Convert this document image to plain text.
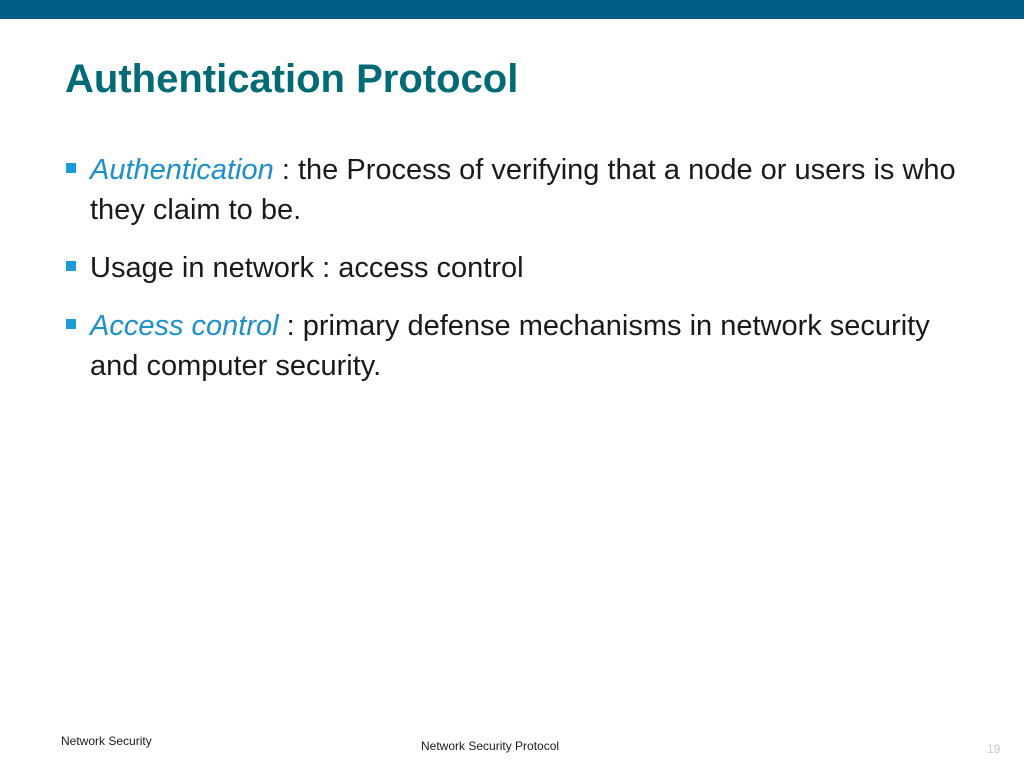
Authentication Protocol
Authentication : the Process of verifying that a node or users is who they claim to be.
Usage in network : access control
Access control : primary defense mechanisms in network security and computer security.
Network Security	Network Security Protocol	19
